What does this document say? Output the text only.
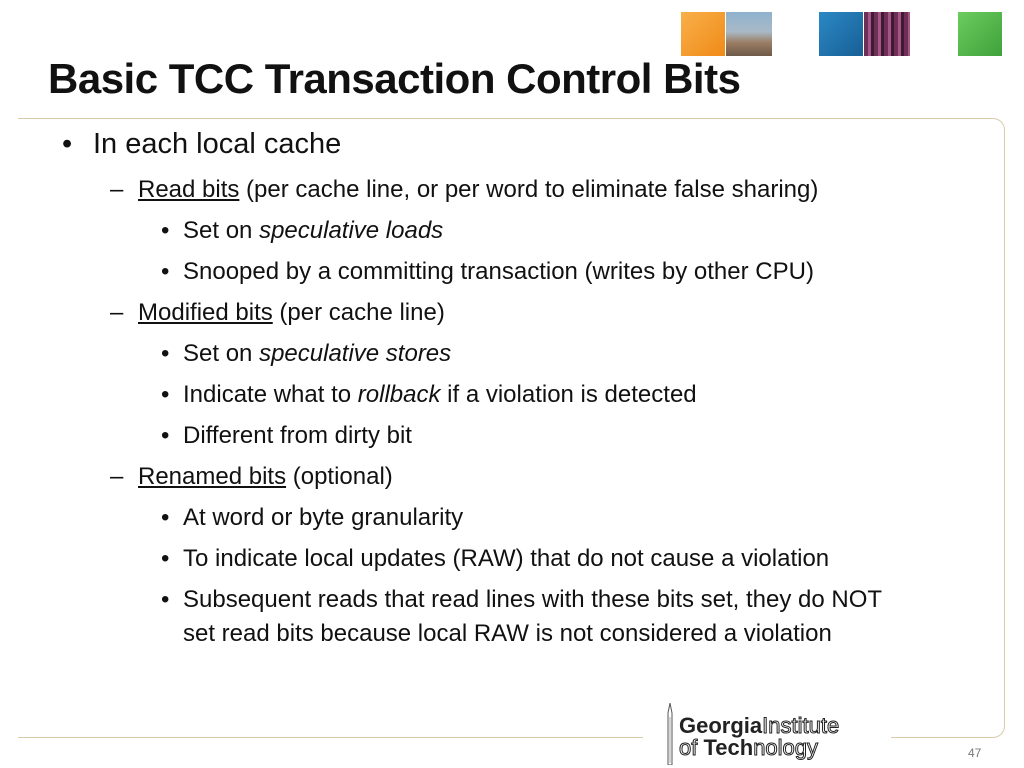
Basic TCC Transaction Control Bits
• In each local cache
– Read bits (per cache line, or per word to eliminate false sharing)
• Set on speculative loads
• Snooped by a committing transaction (writes by other CPU)
– Modified bits (per cache line)
• Set on speculative stores
• Indicate what to rollback if a violation is detected
• Different from dirty bit
– Renamed bits (optional)
• At word or byte granularity
• To indicate local updates (RAW) that do not cause a violation
• Subsequent reads that read lines with these bits set, they do NOT
set read bits because local RAW is not considered a violation
GeorgiaInstitute
of Technology	47
